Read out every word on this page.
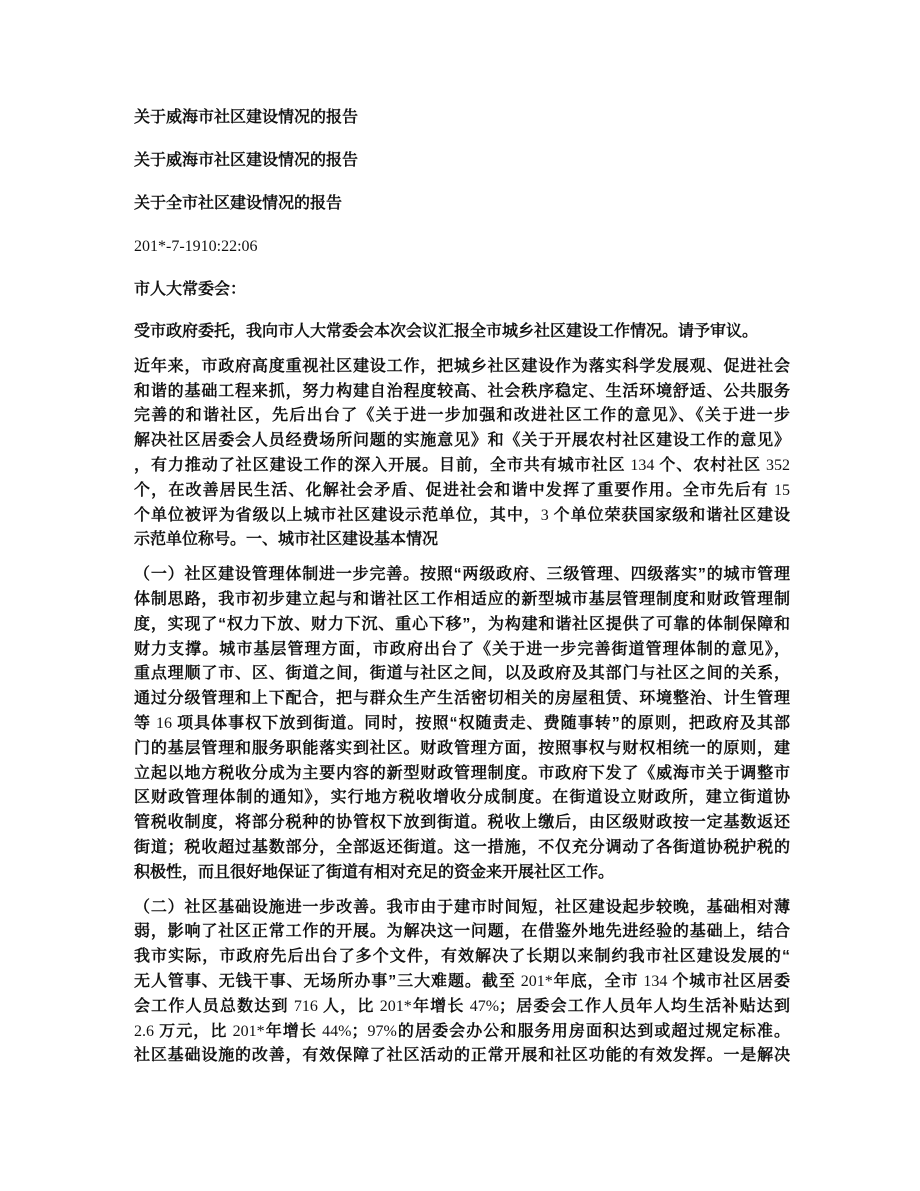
关于威海市社区建设情况的报告

关于威海市社区建设情况的报告

关于全市社区建设情况的报告

201*-7-1910:22:06

市人大常委会：

受市政府委托，我向市人大常委会本次会议汇报全市城乡社区建设工作情况。请予审议。

近年来，市政府高度重视社区建设工作，把城乡社区建设作为落实科学发展观、促进社会
和谐的基础工程来抓，努力构建自治程度较高、社会秩序稳定、生活环境舒适、公共服务
完善的和谐社区，先后出台了《关于进一步加强和改进社区工作的意见》、《关于进一步
解决社区居委会人员经费场所问题的实施意见》和《关于开展农村社区建设工作的意见》
，有力推动了社区建设工作的深入开展。目前，全市共有城市社区 134 个、农村社区 352
个，在改善居民生活、化解社会矛盾、促进社会和谐中发挥了重要作用。全市先后有 15
个单位被评为省级以上城市社区建设示范单位，其中，3 个单位荣获国家级和谐社区建设
示范单位称号。一、城市社区建设基本情况

（一）社区建设管理体制进一步完善。按照“两级政府、三级管理、四级落实”的城市管理
体制思路，我市初步建立起与和谐社区工作相适应的新型城市基层管理制度和财政管理制
度，实现了“权力下放、财力下沉、重心下移”，为构建和谐社区提供了可靠的体制保障和
财力支撑。城市基层管理方面，市政府出台了《关于进一步完善街道管理体制的意见》，
重点理顺了市、区、街道之间，街道与社区之间，以及政府及其部门与社区之间的关系，
通过分级管理和上下配合，把与群众生产生活密切相关的房屋租赁、环境整治、计生管理
等 16 项具体事权下放到街道。同时，按照“权随责走、费随事转”的原则，把政府及其部
门的基层管理和服务职能落实到社区。财政管理方面，按照事权与财权相统一的原则，建
立起以地方税收分成为主要内容的新型财政管理制度。市政府下发了《威海市关于调整市
区财政管理体制的通知》，实行地方税收增收分成制度。在街道设立财政所，建立街道协
管税收制度，将部分税种的协管权下放到街道。税收上缴后，由区级财政按一定基数返还
街道；税收超过基数部分，全部返还街道。这一措施，不仅充分调动了各街道协税护税的
积极性，而且很好地保证了街道有相对充足的资金来开展社区工作。

（二）社区基础设施进一步改善。我市由于建市时间短，社区建设起步较晚，基础相对薄
弱，影响了社区正常工作的开展。为解决这一问题，在借鉴外地先进经验的基础上，结合
我市实际，市政府先后出台了多个文件，有效解决了长期以来制约我市社区建设发展的“
无人管事、无钱干事、无场所办事”三大难题。截至 201*年底，全市 134 个城市社区居委
会工作人员总数达到 716 人，比 201*年增长 47%；居委会工作人员年人均生活补贴达到
2.6 万元，比 201*年增长 44%；97%的居委会办公和服务用房面积达到或超过规定标准。
社区基础设施的改善，有效保障了社区活动的正常开展和社区功能的有效发挥。一是解决
